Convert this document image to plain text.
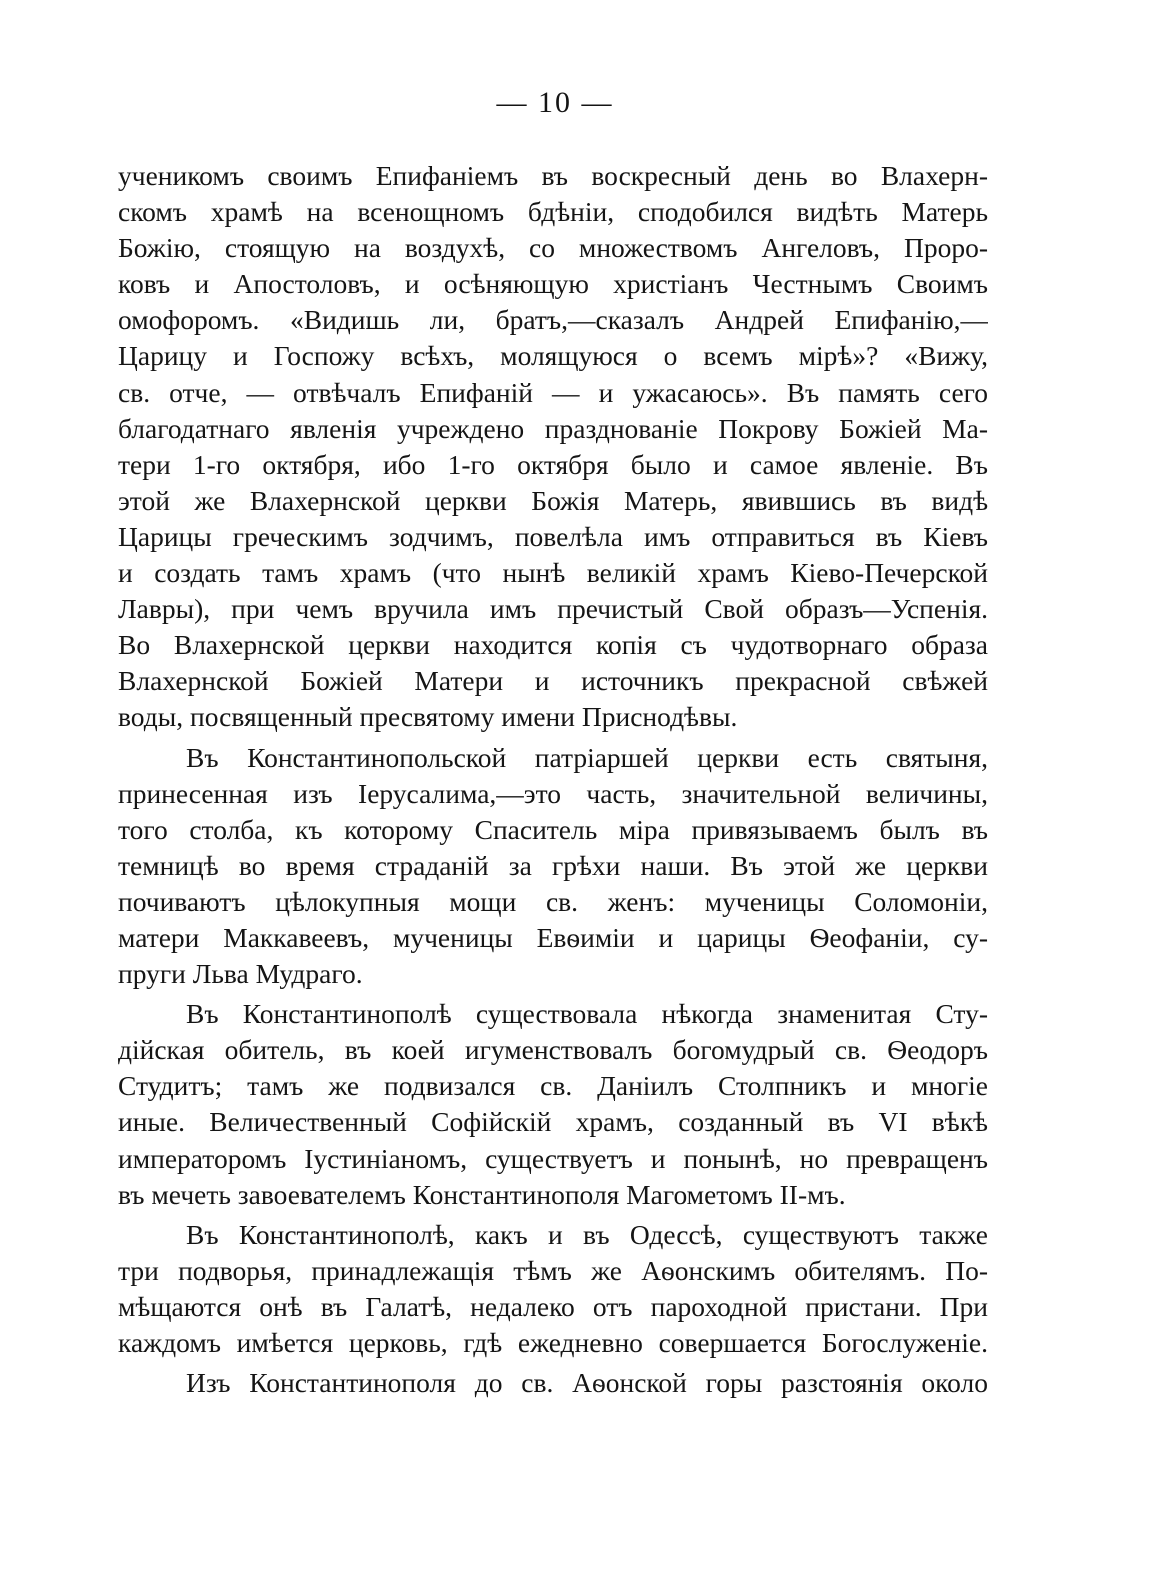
— 10 —
ученикомъ своимъ Епифаніемъ въ воскресный день во Влахерн-
скомъ храмѣ на всенощномъ бдѣніи, сподобился видѣть Матерь
Божію, стоящую на воздухѣ, со множествомъ Ангеловъ, Проро-
ковъ и Апостоловъ, и осѣняющую христіанъ Честнымъ Своимъ
омофоромъ. «Видишь ли, братъ,—сказалъ Андрей Епифанію,—
Царицу и Госпожу всѣхъ, молящуюся о всемъ мірѣ»? «Вижу,
св. отче, — отвѣчалъ Епифаній — и ужасаюсь». Въ память сего
благодатнаго явленія учреждено празднованіе Покрову Божіей Ма-
тери 1-го октября, ибо 1-го октября было и самое явленіе. Въ
этой же Влахернской церкви Божія Матерь, явившись въ видѣ
Царицы греческимъ зодчимъ, повелѣла имъ отправиться въ Кіевъ
и создать тамъ храмъ (что нынѣ великій храмъ Кіево-Печерской
Лавры), при чемъ вручила имъ пречистый Свой образъ—Успенія.
Во Влахернской церкви находится копія съ чудотворнаго образа
Влахернской Божіей Матери и источникъ прекрасной свѣжей
воды, посвященный пресвятому имени Приснодѣвы.
Въ Константинопольской патріаршей церкви есть святыня,
принесенная изъ Іерусалима,—это часть, значительной величины,
того столба, къ которому Спаситель міра привязываемъ былъ въ
темницѣ во время страданій за грѣхи наши. Въ этой же церкви
почиваютъ цѣлокупныя мощи св. женъ: мученицы Соломоніи,
матери Маккавеевъ, мученицы Евѳиміи и царицы Ѳеофаніи, су-
пруги Льва Мудраго.
Въ Константинополѣ существовала нѣкогда знаменитая Сту-
дійская обитель, въ коей игуменствовалъ богомудрый св. Ѳеодоръ
Студитъ; тамъ же подвизался св. Даніилъ Столпникъ и многіе
иные. Величественный Софійскій храмъ, созданный въ VI вѣкѣ
императоромъ Іустиніаномъ, существуетъ и понынѣ, но превращенъ
въ мечеть завоевателемъ Константинополя Магометомъ II-мъ.
Въ Константинополѣ, какъ и въ Одессѣ, существуютъ также
три подворья, принадлежащія тѣмъ же Аѳонскимъ обителямъ. По-
мѣщаются онѣ въ Галатѣ, недалеко отъ пароходной пристани. При
каждомъ имѣется церковь, гдѣ ежедневно совершается Богослуженіе.
Изъ Константинополя до св. Аѳонской горы разстоянія около
